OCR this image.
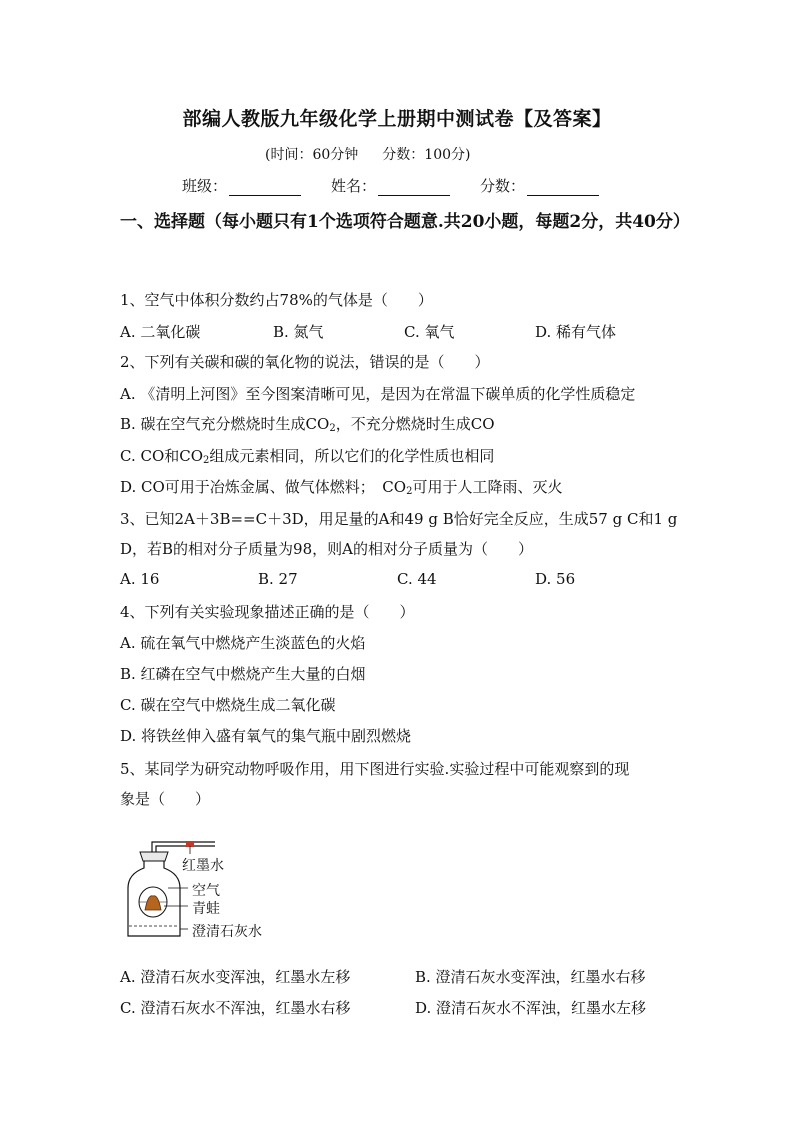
部编人教版九年级化学上册期中测试卷【及答案】
(时间：60分钟 分数：100分)
班级：	姓名：	分数：
一、选择题（每小题只有1个选项符合题意.共20小题，每题2分，共40分）
1、空气中体积分数约占78%的气体是（　　）
A. 二氧化碳	B. 氮气	C. 氧气	D. 稀有气体
2、下列有关碳和碳的氧化物的说法，错误的是（　　）
A. 《清明上河图》至今图案清晰可见，是因为在常温下碳单质的化学性质稳定
B. 碳在空气充分燃烧时生成$CO_2$，不充分燃烧时生成CO
C. CO和$CO_2$组成元素相同，所以它们的化学性质也相同
D. CO可用于冶炼金属、做气体燃料；　$CO_2$可用于人工降雨、灭火
3、已知2A＋3B==C＋3D，用足量的A和49 g B恰好完全反应，生成57 g C和1 g
D，若B的相对分子质量为98，则A的相对分子质量为（　　）
A. 16	B. 27	C. 44	D. 56
4、下列有关实验现象描述正确的是（　　）
A. 硫在氧气中燃烧产生淡蓝色的火焰
B. 红磷在空气中燃烧产生大量的白烟
C. 碳在空气中燃烧生成二氧化碳
D. 将铁丝伸入盛有氧气的集气瓶中剧烈燃烧
5、某同学为研究动物呼吸作用，用下图进行实验.实验过程中可能观察到的现
象是（　　）
红墨水
空气
青蛙
澄清石灰水
A. 澄清石灰水变浑浊，红墨水左移	B. 澄清石灰水变浑浊，红墨水右移
C. 澄清石灰水不浑浊，红墨水右移	D. 澄清石灰水不浑浊，红墨水左移
